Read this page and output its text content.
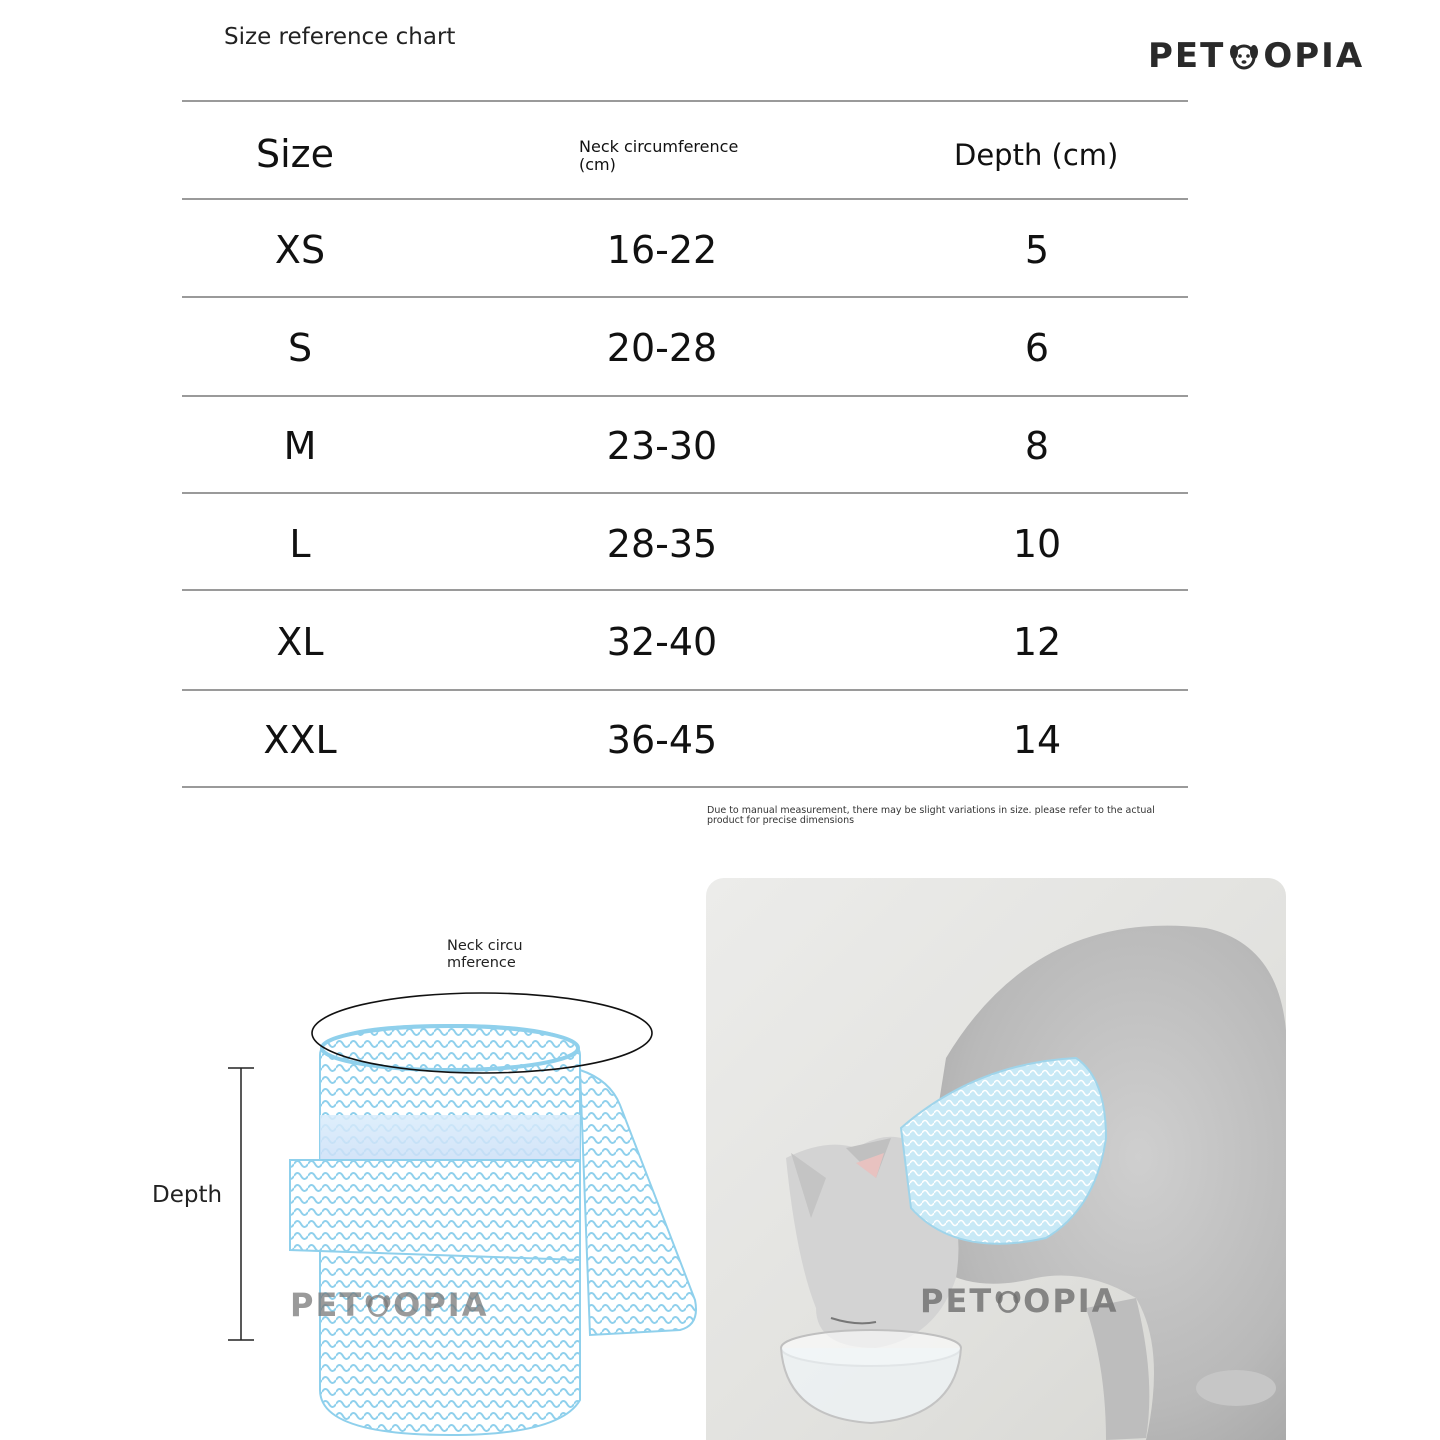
Size reference chart	PET OPIA
Size	Neck circumference (cm)	Depth (cm)
XS	16-22	5
S	20-28	6
M	23-30	8
L	28-35	10
XL	32-40	12
XXL	36-45	14
Due to manual measurement, there may be slight variations in size. please refer to the actual product for precise dimensions
Neck circu mference
Depth
PET OPIA	PET OPIA
